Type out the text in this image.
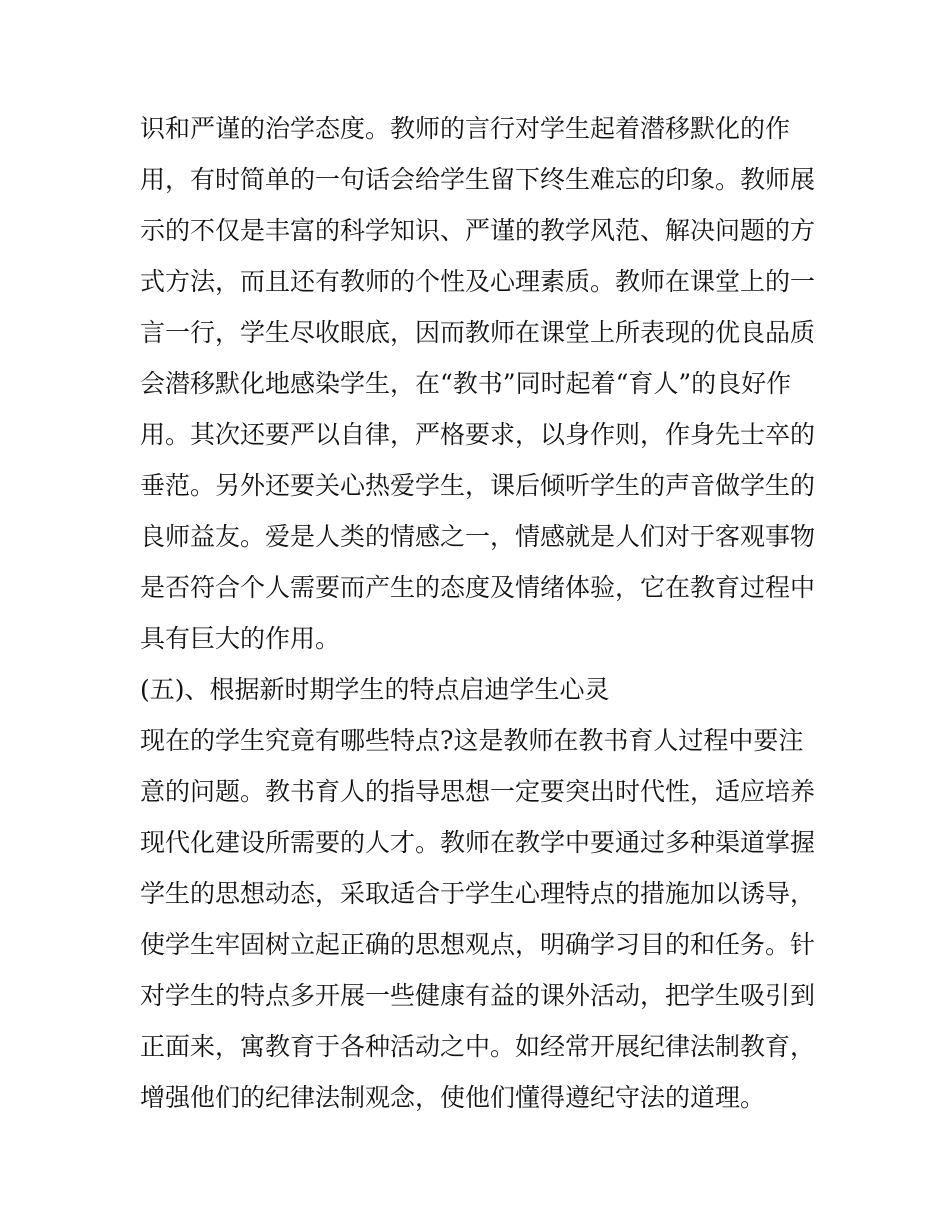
识和严谨的治学态度。教师的言行对学生起着潜移默化的作

用，有时简单的一句话会给学生留下终生难忘的印象。教师展

示的不仅是丰富的科学知识、严谨的教学风范、解决问题的方

式方法，而且还有教师的个性及心理素质。教师在课堂上的一

言一行，学生尽收眼底，因而教师在课堂上所表现的优良品质

会潜移默化地感染学生，在“教书”同时起着“育人”的良好作

用。其次还要严以自律，严格要求，以身作则，作身先士卒的

垂范。另外还要关心热爱学生，课后倾听学生的声音做学生的

良师益友。爱是人类的情感之一，情感就是人们对于客观事物

是否符合个人需要而产生的态度及情绪体验，它在教育过程中

具有巨大的作用。

(五)、根据新时期学生的特点启迪学生心灵

现在的学生究竟有哪些特点?这是教师在教书育人过程中要注

意的问题。教书育人的指导思想一定要突出时代性，适应培养

现代化建设所需要的人才。教师在教学中要通过多种渠道掌握

学生的思想动态，采取适合于学生心理特点的措施加以诱导，

使学生牢固树立起正确的思想观点，明确学习目的和任务。针

对学生的特点多开展一些健康有益的课外活动，把学生吸引到

正面来，寓教育于各种活动之中。如经常开展纪律法制教育，

增强他们的纪律法制观念，使他们懂得遵纪守法的道理。
